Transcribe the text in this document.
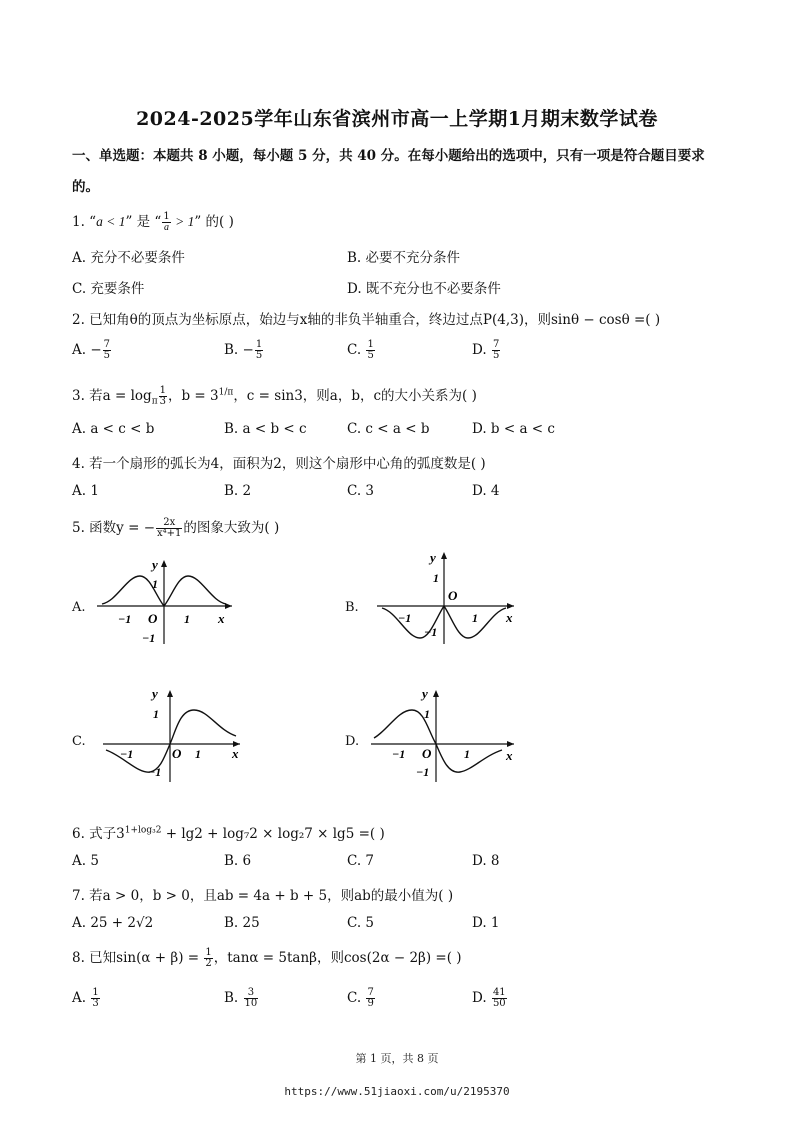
2024-2025学年山东省滨州市高一上学期1月期末数学试卷
一、单选题：本题共 8 小题，每小题 5 分，共 40 分。在每小题给出的选项中，只有一项是符合题目要求
的。
1. “a < 1” 是 “ $\frac{1}{a} > 1$” 的( )
A. 充分不必要条件	B. 必要不充分条件
C. 充要条件	D. 既不充分也不必要条件
2. 已知角θ的顶点为坐标原点，始边与x轴的非负半轴重合，终边过点P(4,3)，则sinθ − cosθ =( )
A. − $\frac{7}{5}$	B. − $\frac{1}{5}$	C. $\frac{1}{5}$	D. $\frac{7}{5}$
3. 若$a = \log_\pi \frac{1}{3}$ ，$b = 3^{1/\pi}$，c = sin3，则a，b，c的大小关系为( )
A. a < c < b	B. a < b < c	C. c < a < b	D. b < a < c
4. 若一个扇形的弧长为4，面积为2，则这个扇形中心角的弧度数是( )
A. 1	B. 2	C. 3	D. 4
5. 函数y = − $\frac{2x}{\text{x⁴+1}}$ 的图象大致为( )
A.	B.
C.	D.
y
1
x
O
−1	1
−1
y
1
O
−1	1 x
−1
y
1
O
−1	1 x
−1
y
1
O
−1	1	x
−1
6. 式子$3^{1+log_32} + \lg 2 + \log_72 \times \log_27 \times \lg 5$ =( )
A. 5	B. 6	C. 7	D. 8
7. 若a > 0，b > 0，且ab = 4a + b + 5，则ab的最小值为( )
A. 25 + 2√2	B. 25	C. 5	D. 1
8. 已知$\sin(\alpha + \beta) = \frac{1}{2}$ ，tanα = 5tanβ，则cos(2α − 2β) =( )
A. $\frac{1}{3}$	B. $\frac{3}{10}$	C. $\frac{7}{9}$	D. $\frac{41}{50}$
第 1 页，共 8 页
https://www.51jiaoxi.com/u/2195370
